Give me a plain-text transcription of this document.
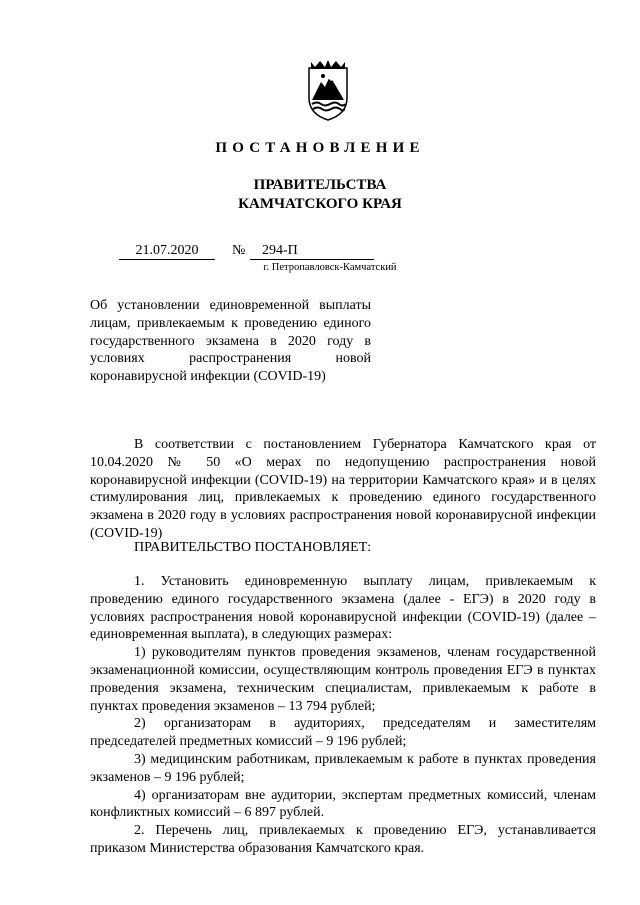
ПОСТАНОВЛЕНИЕ
ПРАВИТЕЛЬСТВА
КАМЧАТСКОГО КРАЯ
21.07.2020	№	294-П
г. Петропавловск-Камчатский
Об установлении единовременной выплаты лицам, привлекаемым к проведению единого государственного экзамена в 2020 году в условиях распространения новой коронавирусной инфекции (COVID-19)
В соответствии с постановлением Губернатора Камчатского края от 10.04.2020 № 50 «О мерах по недопущению распространения новой коронавирусной инфекции (COVID-19) на территории Камчатского края» и в целях стимулирования лиц, привлекаемых к проведению единого государственного экзамена в 2020 году в условиях распространения новой коронавирусной инфекции (COVID-19)
ПРАВИТЕЛЬСТВО ПОСТАНОВЛЯЕТ:
1. Установить единовременную выплату лицам, привлекаемым к проведению единого государственного экзамена (далее - ЕГЭ) в 2020 году в условиях распространения новой коронавирусной инфекции (COVID-19) (далее – единовременная выплата), в следующих размерах:
1) руководителям пунктов проведения экзаменов, членам государственной экзаменационной комиссии, осуществляющим контроль проведения ЕГЭ в пунктах проведения экзамена, техническим специалистам, привлекаемым к работе в пунктах проведения экзаменов – 13 794 рублей;
2) организаторам в аудиториях, председателям и заместителям председателей предметных комиссий – 9 196 рублей;
3) медицинским работникам, привлекаемым к работе в пунктах проведения экзаменов – 9 196 рублей;
4) организаторам вне аудитории, экспертам предметных комиссий, членам конфликтных комиссий – 6 897 рублей.
2. Перечень лиц, привлекаемых к проведению ЕГЭ, устанавливается приказом Министерства образования Камчатского края.
